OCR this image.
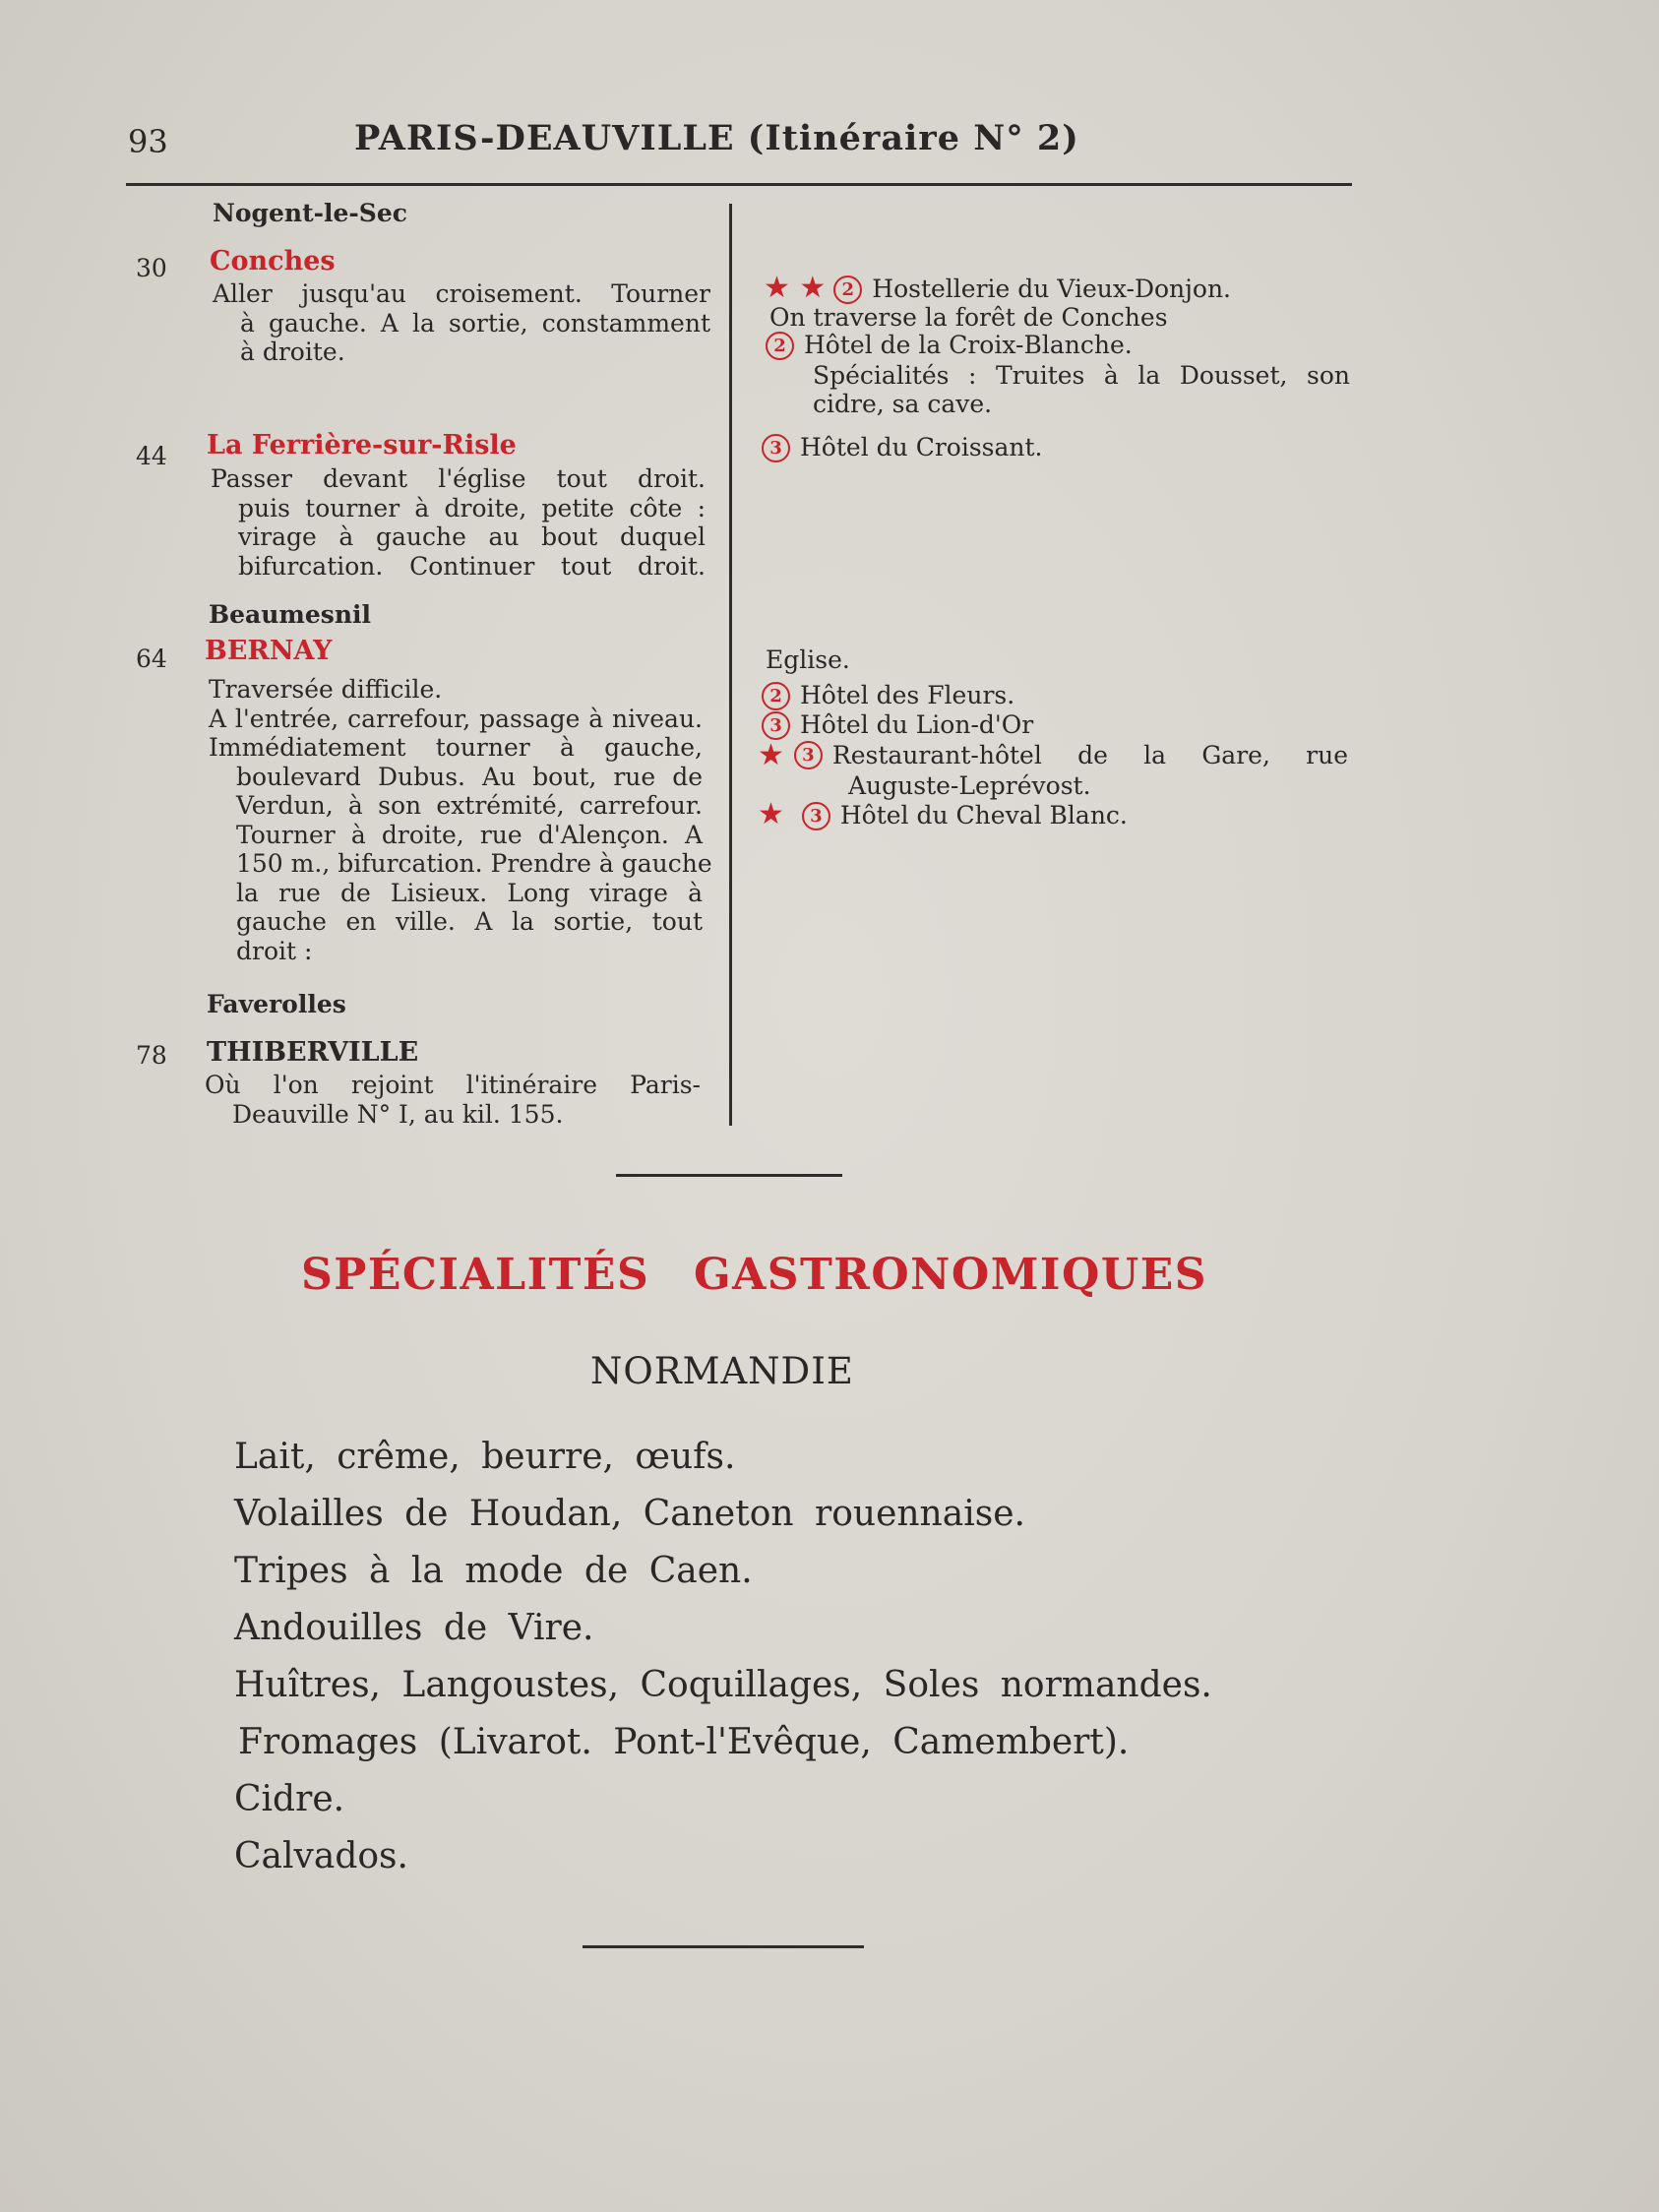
93	PARIS-DEAUVILLE (Itinéraire N° 2)
Nogent-le-Sec
30 Conches
Aller jusqu'au croisement. Tourner
à gauche. A la sortie, constamment
à droite.
44 La Ferrière-sur-Risle
Passer devant l'église tout droit.
puis tourner à droite, petite côte :
virage à gauche au bout duquel
bifurcation. Continuer tout droit.
Beaumesnil
64 BERNAY
Traversée difficile.
A l'entrée, carrefour, passage à niveau.
Immédiatement tourner à gauche,
boulevard Dubus. Au bout, rue de
Verdun, à son extrémité, carrefour.
Tourner à droite, rue d'Alençon. A
150 m., bifurcation. Prendre à gauche
la rue de Lisieux. Long virage à
gauche en ville. A la sortie, tout
droit :
Faverolles
78 THIBERVILLE
Où l'on rejoint l'itinéraire Paris-
Deauville N° I, au kil. 155.
★ ★ 2 Hostellerie du Vieux-Donjon.
On traverse la forêt de Conches
2 Hôtel de la Croix-Blanche.
Spécialités : Truites à la Dousset, son
cidre, sa cave.
3 Hôtel du Croissant.
Eglise.
2 Hôtel des Fleurs.
3 Hôtel du Lion-d'Or
★	3 Restaurant-hôtel de la Gare, rue
Auguste-Leprévost.
★ 3 Hôtel du Cheval Blanc.
SPÉCIALITÉS GASTRONOMIQUES
NORMANDIE
Lait, crême, beurre, œufs.
Volailles de Houdan, Caneton rouennaise.
Tripes à la mode de Caen.
Andouilles de Vire.
Huîtres, Langoustes, Coquillages, Soles normandes.
Fromages (Livarot. Pont-l'Evêque, Camembert).
Cidre.
Calvados.
